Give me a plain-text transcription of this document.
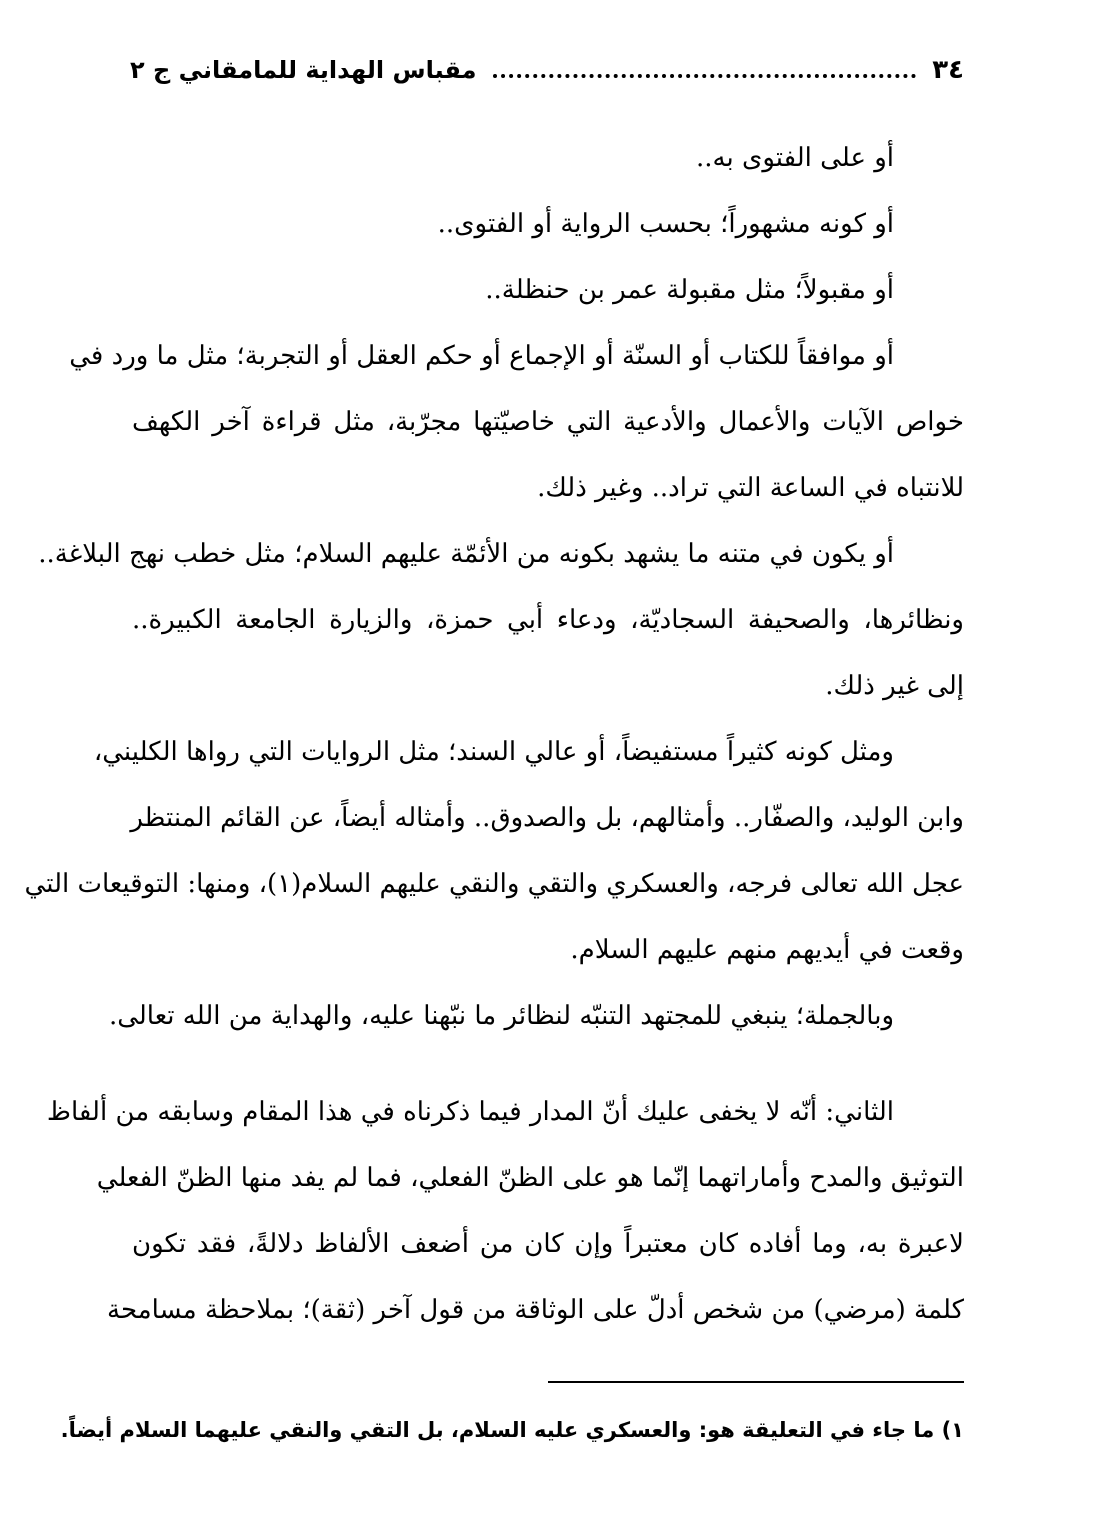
٣٤
مقباس الهداية للمامقاني ج ٢
أو على الفتوى به..
أو كونه مشهوراً؛ بحسب الرواية أو الفتوى..
أو مقبولاً؛ مثل مقبولة عمر بن حنظلة..
أو موافقاً للكتاب أو السنّة أو الإجماع أو حكم العقل أو التجربة؛ مثل ما ورد في
خواص الآيات والأعمال والأدعية التي خاصيّتها مجرّبة، مثل قراءة آخر الكهف
للانتباه في الساعة التي تراد.. وغير ذلك.
أو يكون في متنه ما يشهد بكونه من الأئمّة عليهم السلام؛ مثل خطب نهج البلاغة..
ونظائرها، والصحيفة السجاديّة، ودعاء أبي حمزة، والزيارة الجامعة الكبيرة..
إلى غير ذلك.
ومثل كونه كثيراً مستفيضاً، أو عالي السند؛ مثل الروايات التي رواها الكليني،
وابن الوليد، والصفّار.. وأمثالهم، بل والصدوق.. وأمثاله أيضاً، عن القائم المنتظر
عجل الله تعالى فرجه، والعسكري والتقي والنقي عليهم السلام(١)، ومنها: التوقيعات التي
وقعت في أيديهم منهم عليهم السلام.
وبالجملة؛ ينبغي للمجتهد التنبّه لنظائر ما نبّهنا عليه، والهداية من الله تعالى.
الثاني: أنّه لا يخفى عليك أنّ المدار فيما ذكرناه في هذا المقام وسابقه من ألفاظ
التوثيق والمدح وأماراتهما إنّما هو على الظنّ الفعلي، فما لم يفد منها الظنّ الفعلي
لاعبرة به، وما أفاده كان معتبراً وإن كان من أضعف الألفاظ دلالةً، فقد تكون
كلمة (مرضي) من شخص أدلّ على الوثاقة من قول آخر (ثقة)؛ بملاحظة مسامحة
١) ما جاء في التعليقة هو: والعسكري عليه السلام، بل التقي والنقي عليهما السلام أيضاً.
